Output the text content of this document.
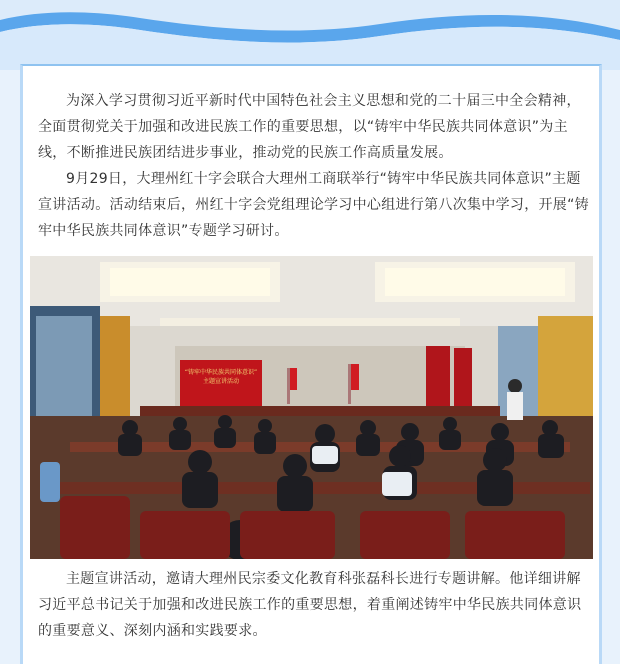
为深入学习贯彻习近平新时代中国特色社会主义思想和党的二十届三中全会精神，全面贯彻党关于加强和改进民族工作的重要思想，以“铸牢中华民族共同体意识”为主线，不断推进民族团结进步事业，推动党的民族工作高质量发展。

9月29日，大理州红十字会联合大理州工商联举行“铸牢中华民族共同体意识”主题宣讲活动。活动结束后，州红十字会党组理论学习中心组进行第八次集中学习，开展“铸牢中华民族共同体意识”专题学习研讨。

“铸牢中华民族共同体意识”
主题宣讲活动

主题宣讲活动，邀请大理州民宗委文化教育科张磊科长进行专题讲解。他详细讲解习近平总书记关于加强和改进民族工作的重要思想，着重阐述铸牢中华民族共同体意识的重要意义、深刻内涵和实践要求。
